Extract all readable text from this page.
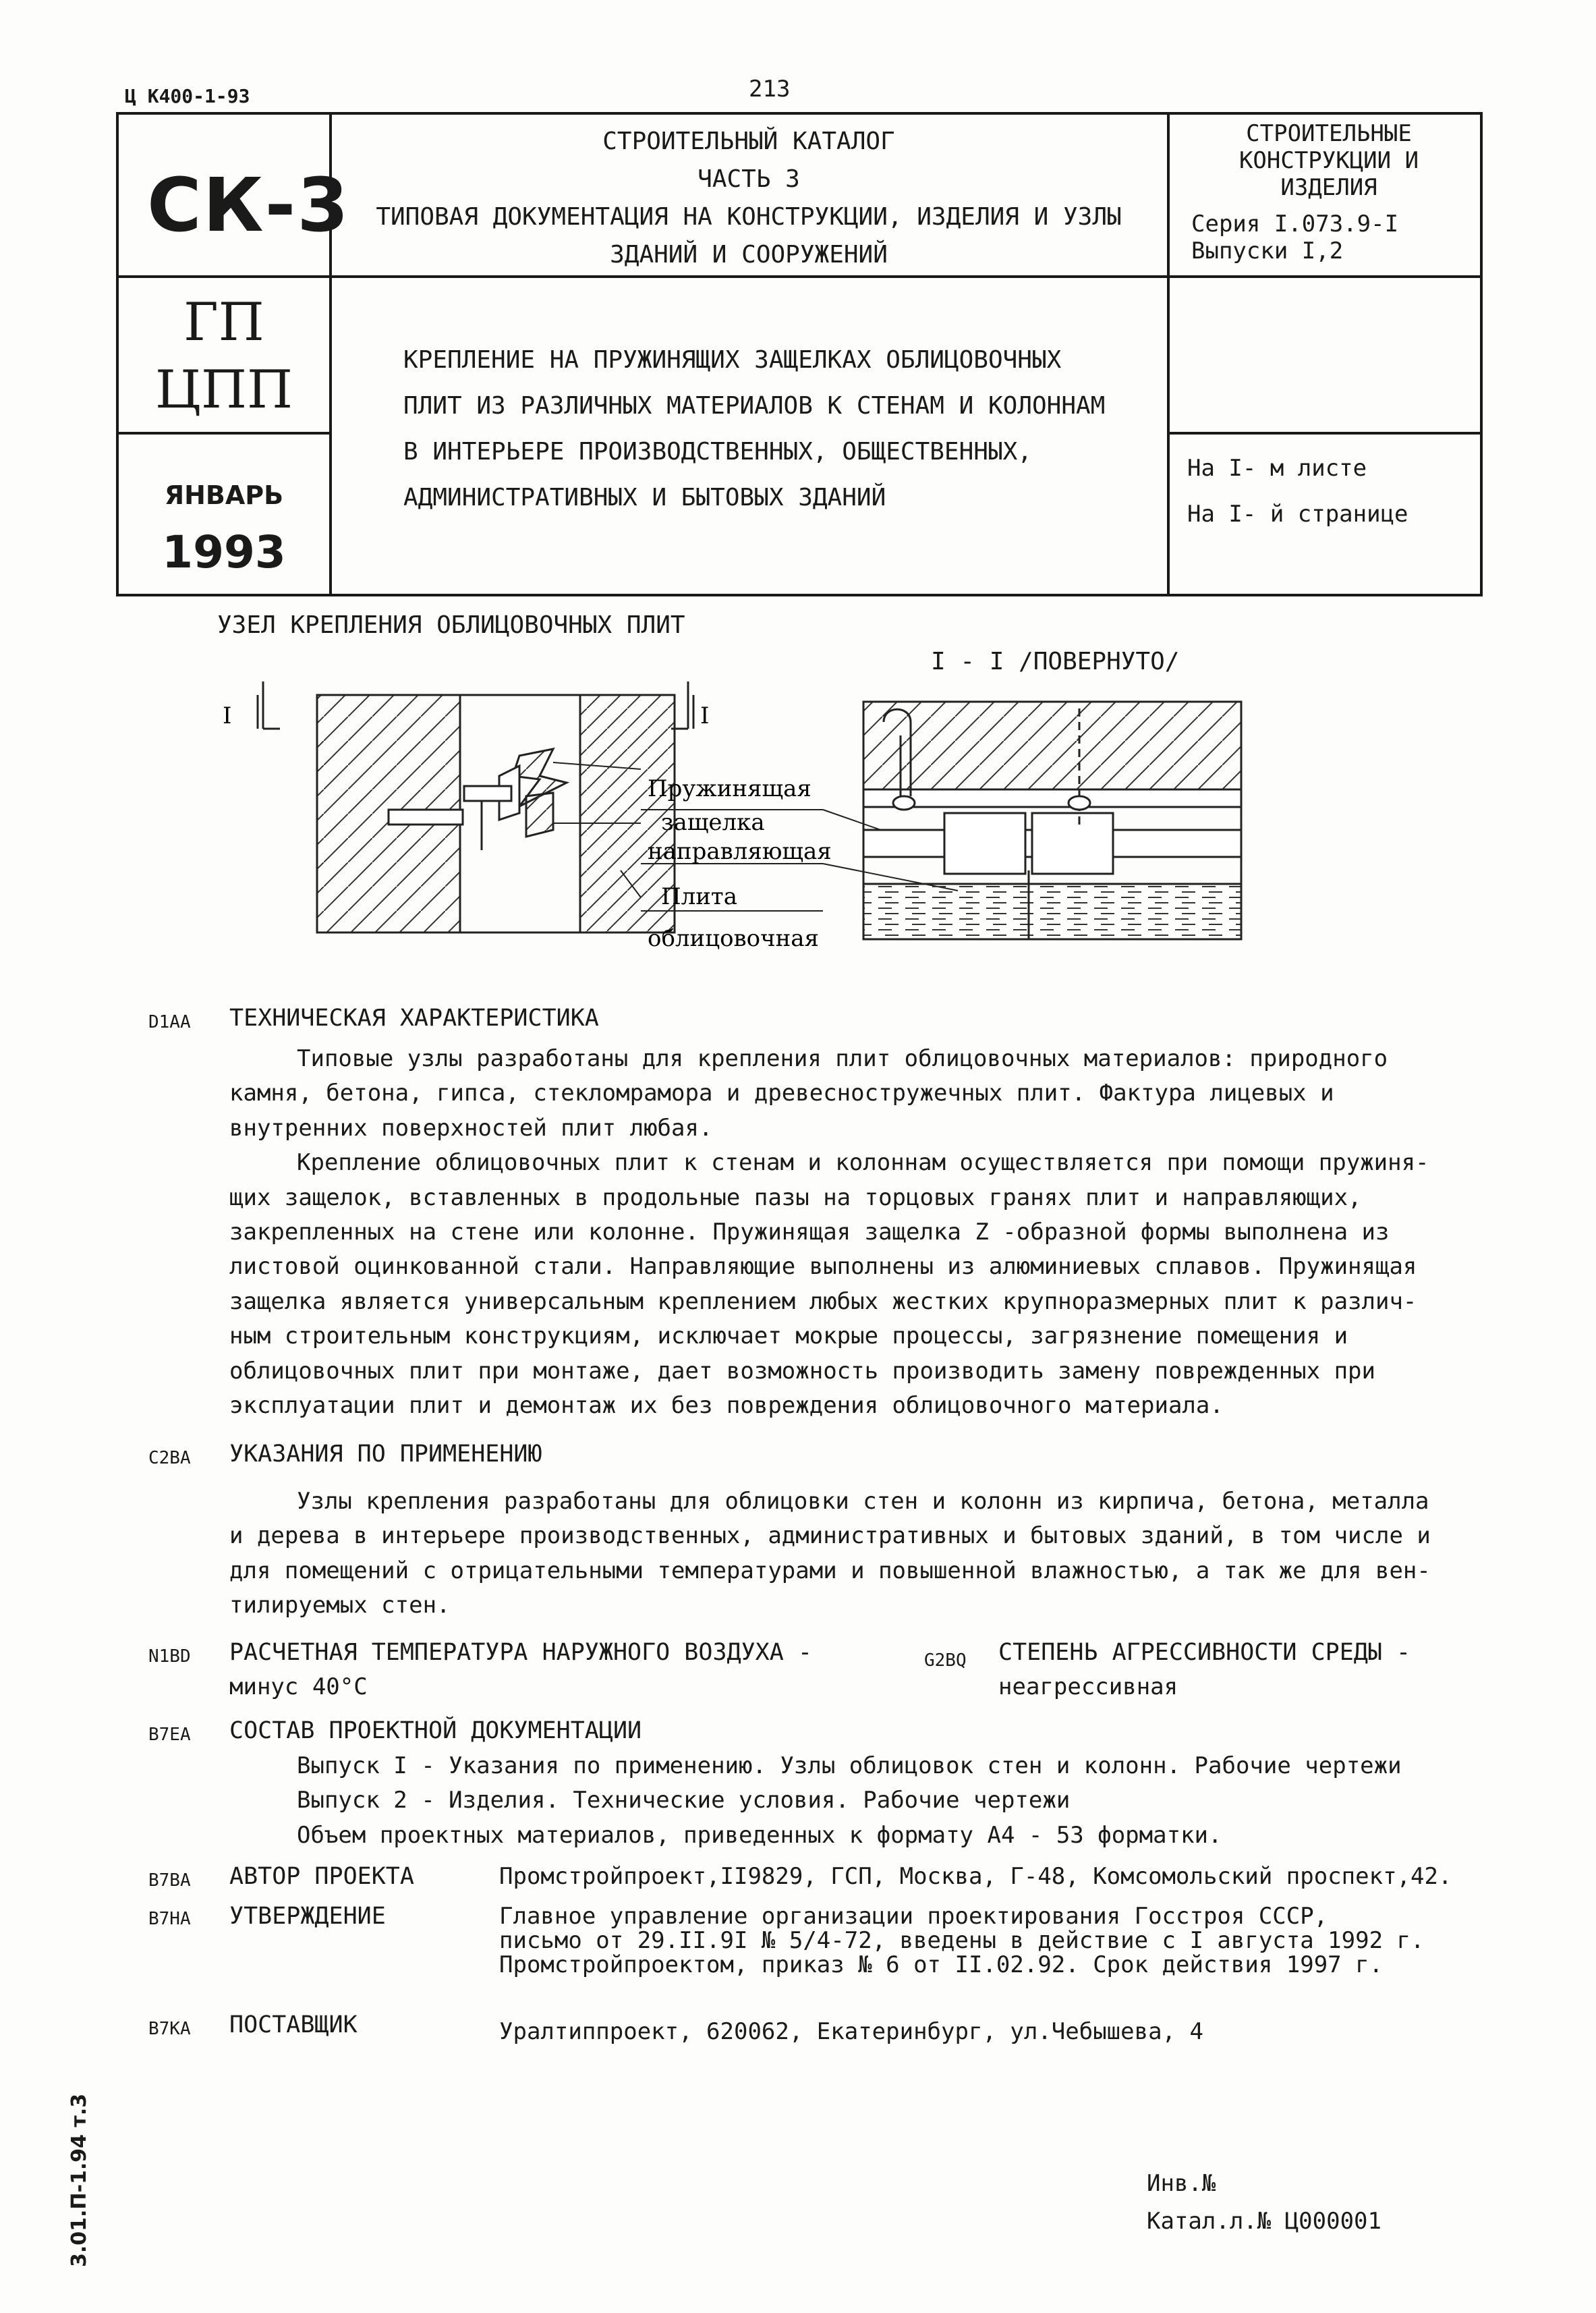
Ц К400-1-93	213
СК-3
СТРОИТЕЛЬНЫЙ КАТАЛОГ
ЧАСТЬ 3
ТИПОВАЯ ДОКУМЕНТАЦИЯ НА КОНСТРУКЦИИ, ИЗДЕЛИЯ И УЗЛЫ
ЗДАНИЙ И СООРУЖЕНИЙ
СТРОИТЕЛЬНЫЕ
КОНСТРУКЦИИ И
ИЗДЕЛИЯ
Серия I.073.9-I
Выпуски I,2
ГП
ЦПП
ЯНВАРЬ
1993
КРЕПЛЕНИЕ НА ПРУЖИНЯЩИХ ЗАЩЕЛКАХ ОБЛИЦОВОЧНЫХ
ПЛИТ ИЗ РАЗЛИЧНЫХ МАТЕРИАЛОВ К СТЕНАМ И КОЛОННАМ
В ИНТЕРЬЕРЕ ПРОИЗВОДСТВЕННЫХ, ОБЩЕСТВЕННЫХ,
АДМИНИСТРАТИВНЫХ И БЫТОВЫХ ЗДАНИЙ
На I- м листе
На I- й странице
УЗЕЛ КРЕПЛЕНИЯ ОБЛИЦОВОЧНЫХ ПЛИТ
I - I /ПОВЕРНУТО/
I	I
Пружинящая
защелка
направляющая
Плита
облицовочная
D1AA ТЕХНИЧЕСКАЯ ХАРАКТЕРИСТИКА
Типовые узлы разработаны для крепления плит облицовочных материалов: природного
камня, бетона, гипса, стекломрамора и древесностружечных плит. Фактура лицевых и
внутренних поверхностей плит любая.
Крепление облицовочных плит к стенам и колоннам осуществляется при помощи пружиня-
щих защелок, вставленных в продольные пазы на торцовых гранях плит и направляющих,
закрепленных на стене или колонне. Пружинящая защелка Z -образной формы выполнена из
листовой оцинкованной стали. Направляющие выполнены из алюминиевых сплавов. Пружинящая
защелка является универсальным креплением любых жестких крупноразмерных плит к различ-
ным строительным конструкциям, исключает мокрые процессы, загрязнение помещения и
облицовочных плит при монтаже, дает возможность производить замену поврежденных при
эксплуатации плит и демонтаж их без повреждения облицовочного материала.
C2BA УКАЗАНИЯ ПО ПРИМЕНЕНИЮ
Узлы крепления разработаны для облицовки стен и колонн из кирпича, бетона, металла
и дерева в интерьере производственных, административных и бытовых зданий, в том числе и
для помещений с отрицательными температурами и повышенной влажностью, а так же для вен-
тилируемых стен.
N1BD РАСЧЕТНАЯ ТЕМПЕРАТУРА НАРУЖНОГО ВОЗДУХА -
минус 40°С
G2BQ СТЕПЕНЬ АГРЕССИВНОСТИ СРЕДЫ -
неагрессивная
B7EA СОСТАВ ПРОЕКТНОЙ ДОКУМЕНТАЦИИ
Выпуск I - Указания по применению. Узлы облицовок стен и колонн. Рабочие чертежи
Выпуск 2 - Изделия. Технические условия. Рабочие чертежи
Объем проектных материалов, приведенных к формату А4 - 53 форматки.
B7BA АВТОР ПРОЕКТА	Промстройпроект,II9829, ГСП, Москва, Г-48, Комсомольский проспект,42.
B7HA УТВЕРЖДЕНИЕ	Главное управление организации проектирования Госстроя СССР,
письмо от 29.II.9I № 5/4-72, введены в действие с I августа 1992 г.
Промстройпроектом, приказ № 6 от II.02.92. Срок действия 1997 г.
B7KA ПОСТАВЩИК	Уралтиппроект, 620062, Екатеринбург, ул.Чебышева, 4
Инв.№
Катал.л.№ Ц000001
3.01.П-1.94 т.3
